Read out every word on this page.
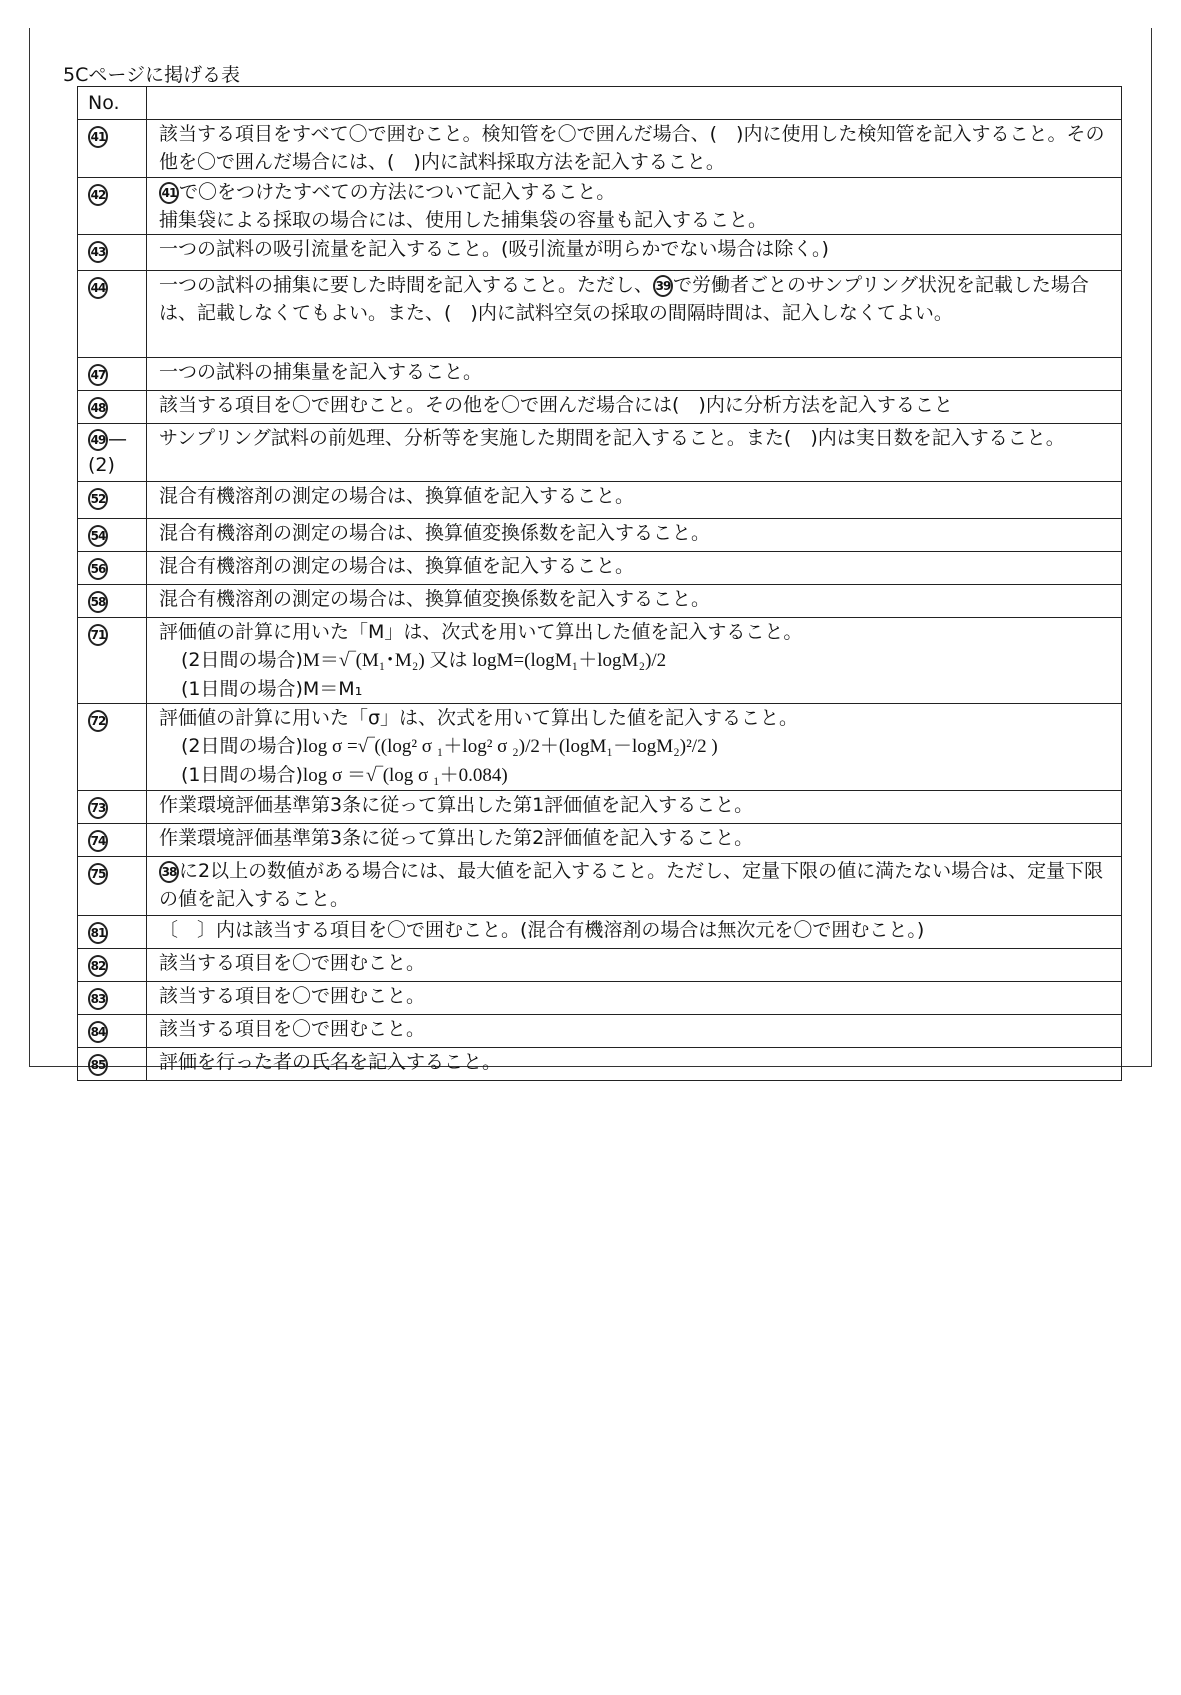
5Cページに掲げる表
No.	
41	該当する項目をすべて〇で囲むこと。検知管を〇で囲んだ場合、(　)内に使用した検知管を記入すること。その他を〇で囲んだ場合には、(　)内に試料採取方法を記入すること。

42	41 で〇をつけたすべての方法について記入すること。
捕集袋による採取の場合には、使用した捕集袋の容量も記入すること。

43	一つの試料の吸引流量を記入すること。(吸引流量が明らかでない場合は除く。)

44	一つの試料の捕集に要した時間を記入すること。ただし、 39 で労働者ごとのサンプリング状況を記載した場合は、記載しなくてもよい。また、(　)内に試料空気の採取の間隔時間は、記入しなくてよい。

47	一つの試料の捕集量を記入すること。

48	該当する項目を〇で囲むこと。その他を〇で囲んだ場合には(　)内に分析方法を記入すること

49 —(2)	サンプリング試料の前処理、分析等を実施した期間を記入すること。また(　)内は実日数を記入すること。

52	混合有機溶剤の測定の場合は、換算値を記入すること。

54	混合有機溶剤の測定の場合は、換算値変換係数を記入すること。

56	混合有機溶剤の測定の場合は、換算値を記入すること。

58	混合有機溶剤の測定の場合は、換算値変換係数を記入すること。

71	評価値の計算に用いた「M」は、次式を用いて算出した値を記入すること。
(2日間の場合)M＝√‾(M₁･M₂) 又は logM=(logM₁＋logM₂)/2
(1日間の場合)M＝M₁

72	評価値の計算に用いた「σ」は、次式を用いて算出した値を記入すること。
(2日間の場合)log σ =√‾((log² σ ₁＋log² σ ₂)/2＋(logM₁－logM₂)²/2 )
(1日間の場合)log σ ＝√‾(log σ ₁＋0.084)

73	作業環境評価基準第3条に従って算出した第1評価値を記入すること。

74	作業環境評価基準第3条に従って算出した第2評価値を記入すること。

75	38 に2以上の数値がある場合には、最大値を記入すること。ただし、定量下限の値に満たない場合は、定量下限の値を記入すること。

81	〔　〕内は該当する項目を〇で囲むこと。(混合有機溶剤の場合は無次元を〇で囲むこと。)

82	該当する項目を〇で囲むこと。

83	該当する項目を〇で囲むこと。

84	該当する項目を〇で囲むこと。

85	評価を行った者の氏名を記入すること。
